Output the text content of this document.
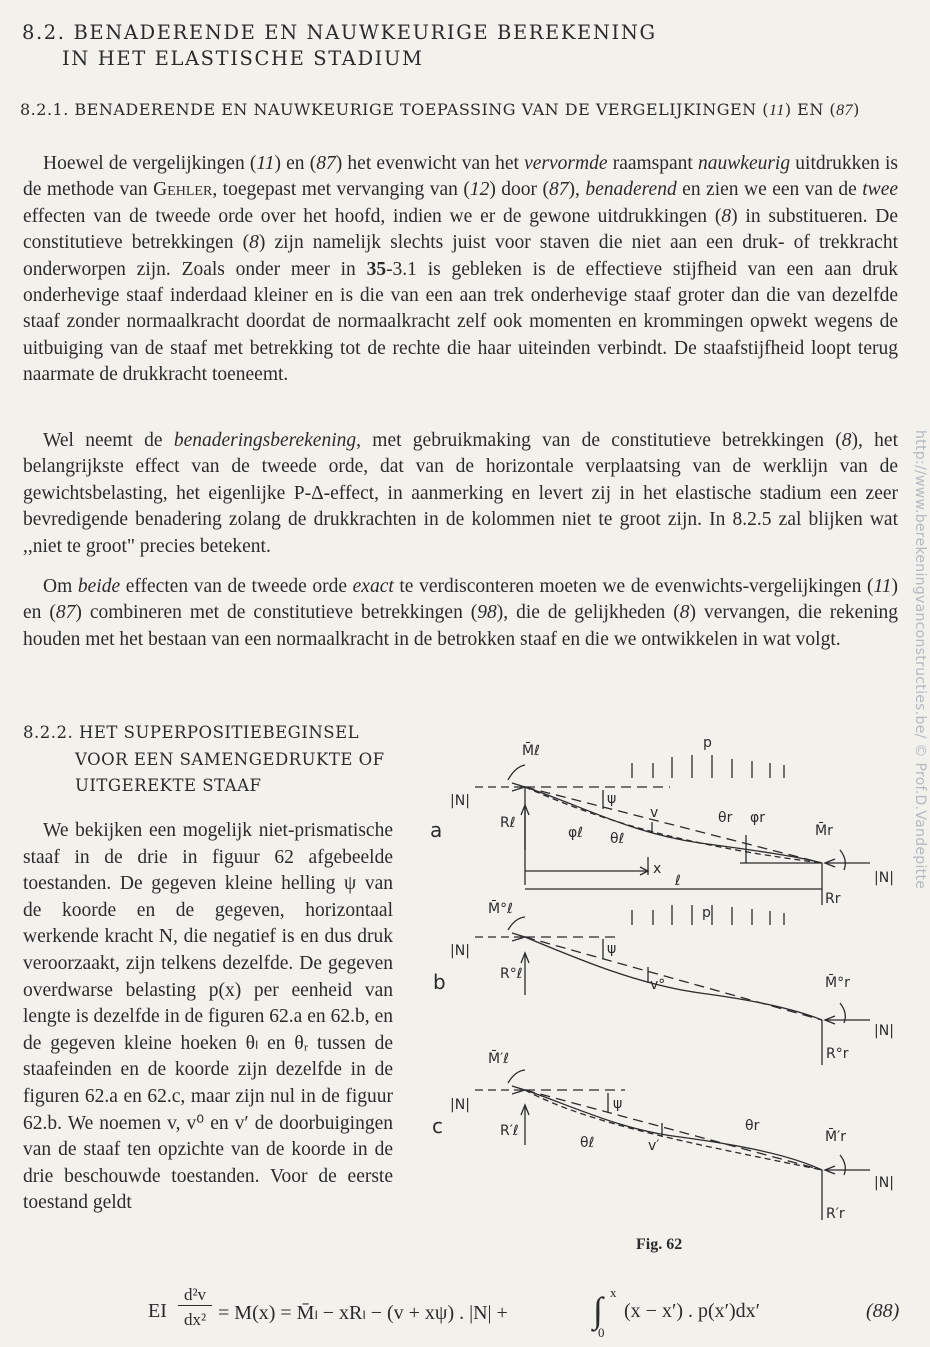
8.2. BENADERENDE EN NAUWKEURIGE BEREKENING
IN HET ELASTISCHE STADIUM
8.2.1. BENADERENDE EN NAUWKEURIGE TOEPASSING VAN DE VERGELIJKINGEN (11) EN (87)

Hoewel de vergelijkingen (11) en (87) het evenwicht van het vervormde raamspant nauwkeurig uitdrukken is de methode van Gehler, toegepast met vervanging van (12) door (87), benaderend en zien we een van de twee effecten van de tweede orde over het hoofd, indien we er de gewone uitdrukkingen (8) in substitueren. De constitutieve betrekkingen (8) zijn namelijk slechts juist voor staven die niet aan een druk- of trekkracht onderworpen zijn. Zoals onder meer in 35-3.1 is gebleken is de effectieve stijfheid van een aan druk onderhevige staaf inderdaad kleiner en is die van een aan trek onderhevige staaf groter dan die van dezelfde staaf zonder normaalkracht doordat de normaalkracht zelf ook momenten en krommingen opwekt wegens de uitbuiging van de staaf met betrekking tot de rechte die haar uiteinden verbindt. De staafstijfheid loopt terug naarmate de drukkracht toeneemt.

Wel neemt de benaderingsberekening, met gebruikmaking van de constitutieve betrekkingen (8), het belangrijkste effect van de tweede orde, dat van de horizontale verplaatsing van de werklijn van de gewichtsbelasting, het eigenlijke P-Δ-effect, in aanmerking en levert zij in het elastische stadium een zeer bevredigende benadering zolang de drukkrachten in de kolommen niet te groot zijn. In 8.2.5 zal blijken wat ,,niet te groot" precies betekent.

Om beide effecten van de tweede orde exact te verdisconteren moeten we de evenwichts-vergelijkingen (11) en (87) combineren met de constitutieve betrekkingen (98), die de gelijkheden (8) vervangen, die rekening houden met het bestaan van een normaalkracht in de betrokken staaf en die we ontwikkelen in wat volgt.

8.2.2. HET SUPERPOSITIEBEGINSEL
VOOR EEN SAMENGEDRUKTE OF
UITGEREKTE STAAF

We bekijken een mogelijk niet-prismatische staaf in de drie in figuur 62 afgebeelde toestanden. De gegeven kleine helling ψ van de koorde en de gegeven, horizontaal werkende kracht N, die negatief is en dus druk veroorzaakt, zijn telkens dezelfde. De gegeven overdwarse belasting p(x) per eenheid van lengte is dezelfde in de figuren 62.a en 62.b, en de gegeven kleine hoeken θₗ en θᵣ tussen de staafeinden en de koorde zijn dezelfde in de figuren 62.a en 62.c, maar zijn nul in de figuur 62.b. We noemen v, v⁰ en v′ de doorbuigingen van de staaf ten opzichte van de koorde in de drie beschouwde toestanden. Voor de eerste toestand geldt

a
|N|
p
M̄ℓ
Rℓ
ψ
v
φℓ θℓ
θr φr
M̄r
|N|
Rr
x
ℓ
b
|N|
p
M̄°ℓ
R°ℓ
ψ
v°	M̄°r
|N|
R°r
c
|N|
M̄′ℓ
R′ℓ
ψ
θℓ	v′
θr
M̄′r
|N|
R′r
Fig. 62
EI
d²v
dx² = M(x) = M̄ₗ − xRₗ − (v + xψ) . |N| + ∫ x
0
(x − x′) . p(x′)dx′	(88)
http://www.berekeningvanconstructies.be/ © Prof.D.Vandepitte
